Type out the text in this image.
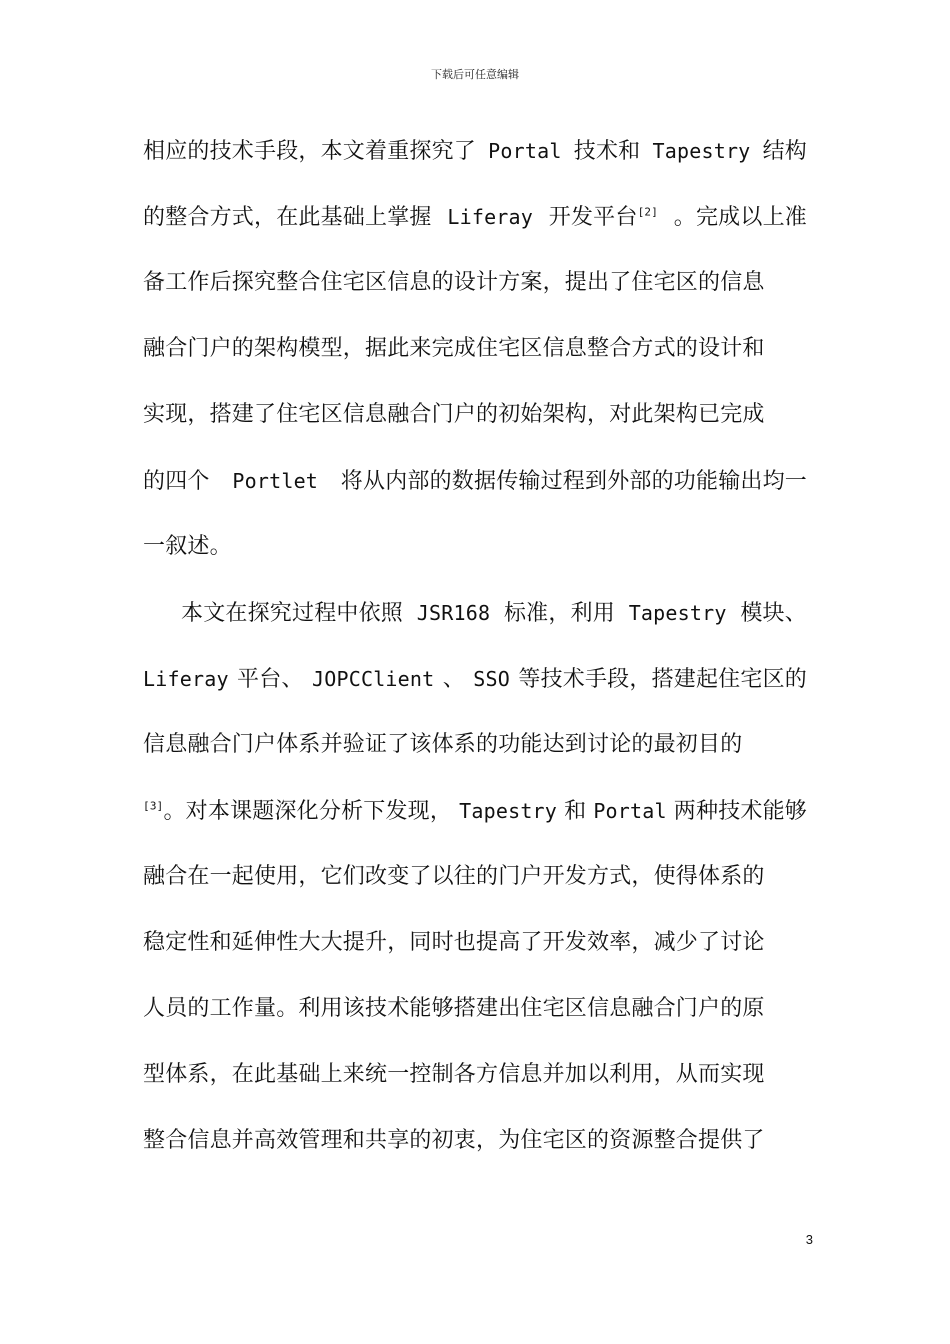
下载后可任意编辑
相应的技术手段，本文着重探究了 Portal 技术和 Tapestry 结构
的整合方式，在此基础上掌握 Liferay 开发平台[2] 。完成以上准
备工作后探究整合住宅区信息的设计方案，提出了住宅区的信息
融合门户的架构模型，据此来完成住宅区信息整合方式的设计和
实现，搭建了住宅区信息融合门户的初始架构，对此架构已完成
的四个 Portlet 将从内部的数据传输过程到外部的功能输出均一
一叙述。
本文在探究过程中依照 JSR168 标准，利用 Tapestry 模块、
Liferay 平台、 JOPCClient 、 SSO 等技术手段，搭建起住宅区的
信息融合门户体系并验证了该体系的功能达到讨论的最初目的
[3]。对本课题深化分析下发现， Tapestry 和 Portal 两种技术能够
融合在一起使用，它们改变了以往的门户开发方式，使得体系的
稳定性和延伸性大大提升，同时也提高了开发效率，减少了讨论
人员的工作量。利用该技术能够搭建出住宅区信息融合门户的原
型体系，在此基础上来统一控制各方信息并加以利用，从而实现
整合信息并高效管理和共享的初衷，为住宅区的资源整合提供了
3
